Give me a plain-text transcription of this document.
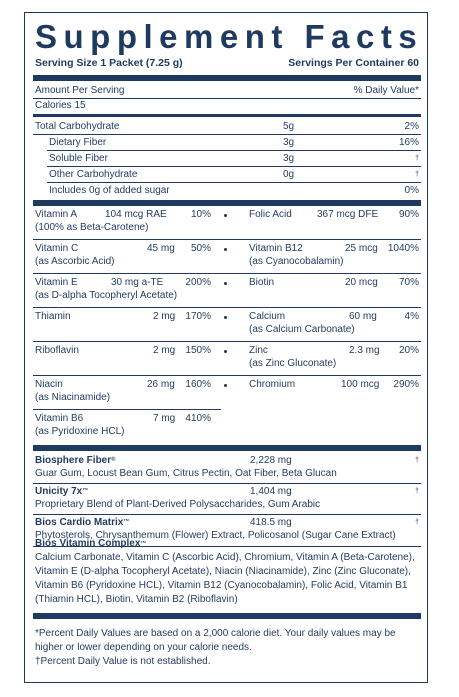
Supplement Facts
Serving Size 1 Packet (7.25 g)	Servings Per Container 60
Amount Per Serving	% Daily Value*
Calories 15
Total Carbohydrate	5g	2%
Dietary Fiber	3g	16%
Soluble Fiber	3g	†
Other Carbohydrate	0g	†
Includes 0g of added sugar	0%
Vitamin A	104 mcg RAE 10%
(100% as Beta-Carotene)
Vitamin C	45 mg 50%
(as Ascorbic Acid)
Vitamin E	30 mg a-TE 200%
(as D-alpha Tocopheryl Acetate)
Thiamin	2 mg 170%
Riboflavin	2 mg 150%
Niacin	26 mg 160%
(as Niacinamide)
Vitamin B6	7 mg 410%
(as Pyridoxine HCL)
Folic Acid	367 mcg DFE 90%
Vitamin B12	25 mcg 1040%
(as Cyanocobalamin)
Biotin	20 mcg 70%
Calcium	60 mg	4%
(as Calcium Carbonate)
Zinc	2.3 mg 20%
(as Zinc Gluconate)
Chromium	100 mcg 290%
Biosphere Fiber®	2,228 mg	†
Guar Gum, Locust Bean Gum, Citrus Pectin, Oat Fiber, Beta Glucan
Unicity 7x™	1,404 mg	†
Proprietary Blend of Plant-Derived Polysaccharides, Gum Arabic
Bios Cardio Matrix™	418.5 mg	†
Phytosterols, Chrysanthemum (Flower) Extract, Policosanol (Sugar Cane Extract)
Bios Vitamin Complex™
Calcium Carbonate, Vitamin C (Ascorbic Acid), Chromium, Vitamin A (Beta-Carotene), Vitamin E (D-alpha Tocopheryl Acetate), Niacin (Niacinamide), Zinc (Zinc Gluconate), Vitamin B6 (Pyridoxine HCL), Vitamin B12 (Cyanocobalamin), Folic Acid, Vitamin B1 (Thiamin HCL), Biotin, Vitamin B2 (Riboflavin)
*Percent Daily Values are based on a 2,000 calorie diet. Your daily values may be higher or lower depending on your calorie needs.
†Percent Daily Value is not established.
